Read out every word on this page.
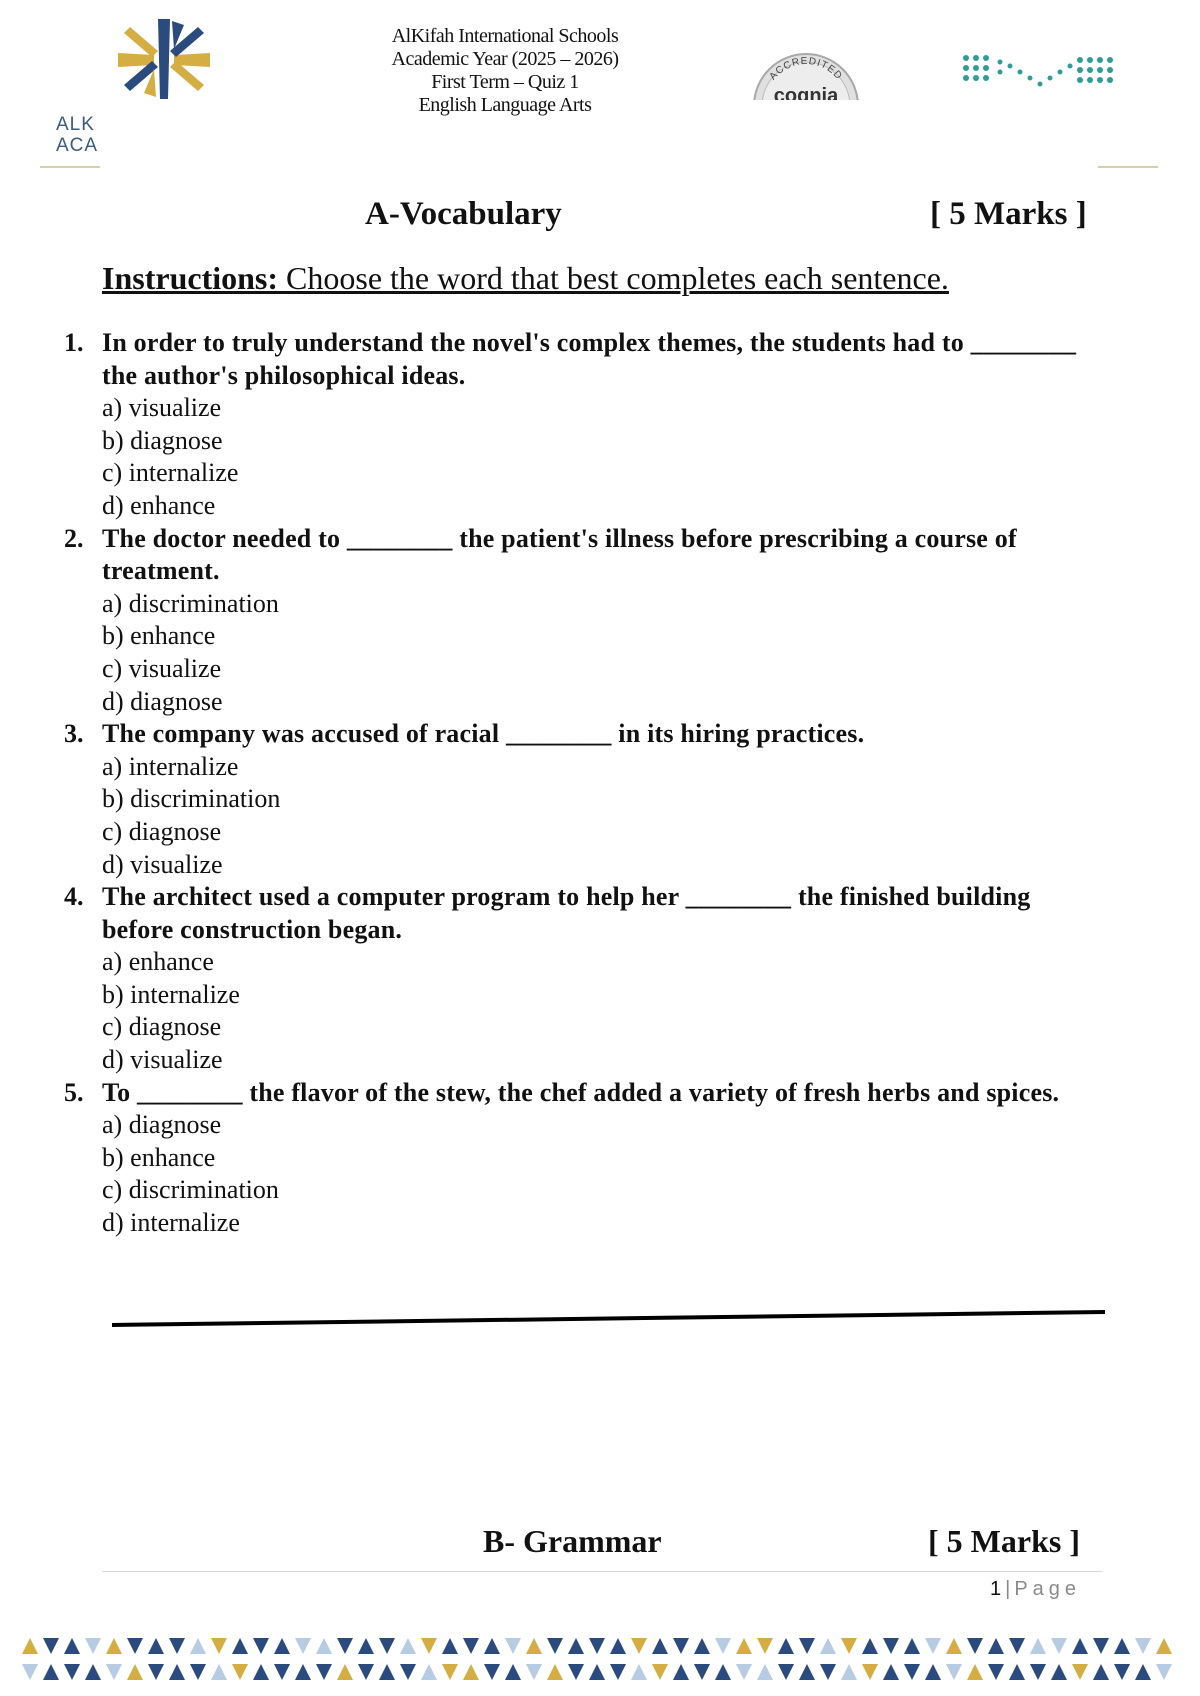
ALK
ACA
AlKifah International Schools
Academic Year (2025 – 2026)
First Term – Quiz 1
English Language Arts
ACCREDITED
cognia
A-Vocabulary	[ 5 Marks ]
Instructions: Choose the word that best completes each sentence.
1. In order to truly understand the novel's complex themes, the students had to ________ the author's philosophical ideas.
a) visualize
b) diagnose
c) internalize
d) enhance
2. The doctor needed to ________ the patient's illness before prescribing a course of treatment.
a) discrimination
b) enhance
c) visualize
d) diagnose
3. The company was accused of racial ________ in its hiring practices.
a) internalize
b) discrimination
c) diagnose
d) visualize
4. The architect used a computer program to help her ________ the finished building before construction began.
a) enhance
b) internalize
c) diagnose
d) visualize
5. To ________ the flavor of the stew, the chef added a variety of fresh herbs and spices.
a) diagnose
b) enhance
c) discrimination
d) internalize
B- Grammar	[ 5 Marks ]
1 | Page
